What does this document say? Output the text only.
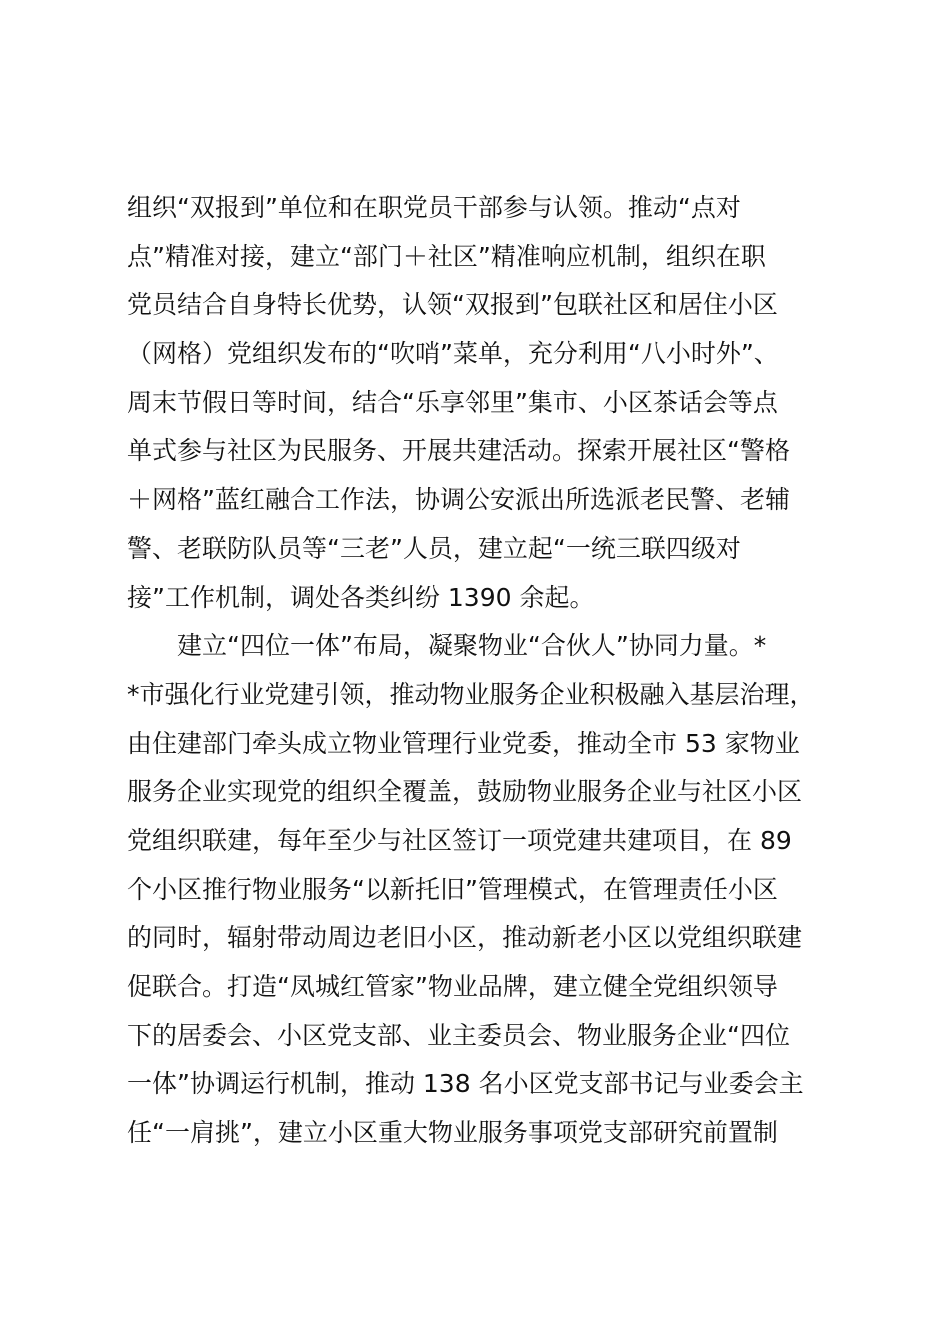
组织“双报到”单位和在职党员干部参与认领。推动“点对
点”精准对接，建立“部门＋社区”精准响应机制，组织在职
党员结合自身特长优势，认领“双报到”包联社区和居住小区
（网格）党组织发布的“吹哨”菜单，充分利用“八小时外”、
周末节假日等时间，结合“乐享邻里”集市、小区茶话会等点
单式参与社区为民服务、开展共建活动。探索开展社区“警格
＋网格”蓝红融合工作法，协调公安派出所选派老民警、老辅
警、老联防队员等“三老”人员，建立起“一统三联四级对
接”工作机制，调处各类纠纷 1390 余起。
　　建立“四位一体”布局，凝聚物业“合伙人”协同力量。*
*市强化行业党建引领，推动物业服务企业积极融入基层治理，
由住建部门牵头成立物业管理行业党委，推动全市 53 家物业
服务企业实现党的组织全覆盖，鼓励物业服务企业与社区小区
党组织联建，每年至少与社区签订一项党建共建项目，在 89
个小区推行物业服务“以新托旧”管理模式，在管理责任小区
的同时，辐射带动周边老旧小区，推动新老小区以党组织联建
促联合。打造“凤城红管家”物业品牌，建立健全党组织领导
下的居委会、小区党支部、业主委员会、物业服务企业“四位
一体”协调运行机制，推动 138 名小区党支部书记与业委会主
任“一肩挑”，建立小区重大物业服务事项党支部研究前置制
